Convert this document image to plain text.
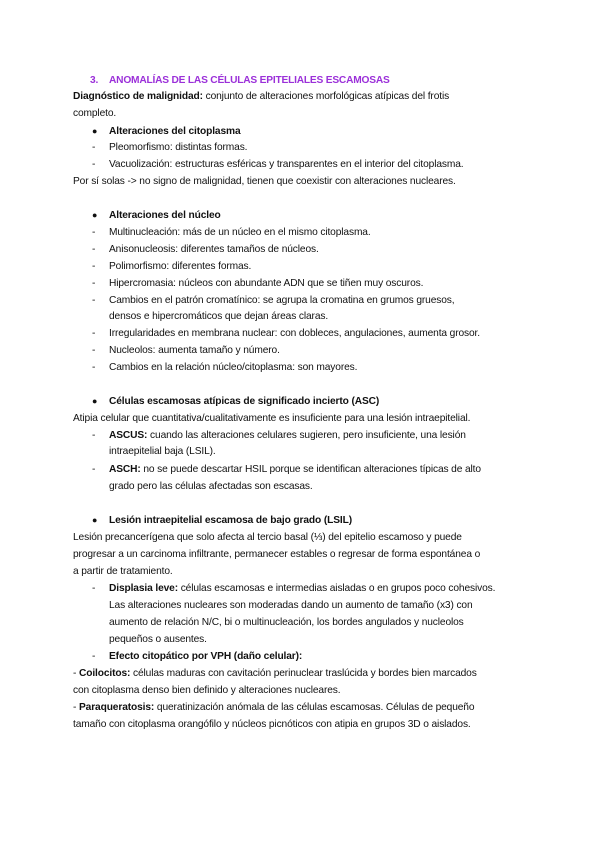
3. ANOMALÍAS DE LAS CÉLULAS EPITELIALES ESCAMOSAS
Diagnóstico de malignidad: conjunto de alteraciones morfológicas atípicas del frotis
completo.
● Alteraciones del citoplasma
- Pleomorfismo: distintas formas.
- Vacuolización: estructuras esféricas y transparentes en el interior del citoplasma.
Por sí solas -> no signo de malignidad, tienen que coexistir con alteraciones nucleares.
● Alteraciones del núcleo
- Multinucleación: más de un núcleo en el mismo citoplasma.
- Anisonucleosis: diferentes tamaños de núcleos.
- Polimorfismo: diferentes formas.
- Hipercromasia: núcleos con abundante ADN que se tiñen muy oscuros.
- Cambios en el patrón cromatínico: se agrupa la cromatina en grumos gruesos,
densos e hipercromáticos que dejan áreas claras.
- Irregularidades en membrana nuclear: con dobleces, angulaciones, aumenta grosor.
- Nucleolos: aumenta tamaño y número.
- Cambios en la relación núcleo/citoplasma: son mayores.
● Células escamosas atípicas de significado incierto (ASC)
Atipia celular que cuantitativa/cualitativamente es insuficiente para una lesión intraepitelial.
- ASCUS: cuando las alteraciones celulares sugieren, pero insuficiente, una lesión
intraepitelial baja (LSIL).
- ASCH: no se puede descartar HSIL porque se identifican alteraciones típicas de alto
grado pero las células afectadas son escasas.
● Lesión intraepitelial escamosa de bajo grado (LSIL)
Lesión precancerígena que solo afecta al tercio basal (⅓) del epitelio escamoso y puede
progresar a un carcinoma infiltrante, permanecer estables o regresar de forma espontánea o
a partir de tratamiento.
- Displasia leve: células escamosas e intermedias aisladas o en grupos poco cohesivos.
Las alteraciones nucleares son moderadas dando un aumento de tamaño (x3) con
aumento de relación N/C, bi o multinucleación, los bordes angulados y nucleolos
pequeños o ausentes.
- Efecto citopático por VPH (daño celular):
- Coilocitos: células maduras con cavitación perinuclear traslúcida y bordes bien marcados
con citoplasma denso bien definido y alteraciones nucleares.
- Paraqueratosis: queratinización anómala de las células escamosas. Células de pequeño
tamaño con citoplasma orangófilo y núcleos picnóticos con atipia en grupos 3D o aislados.
